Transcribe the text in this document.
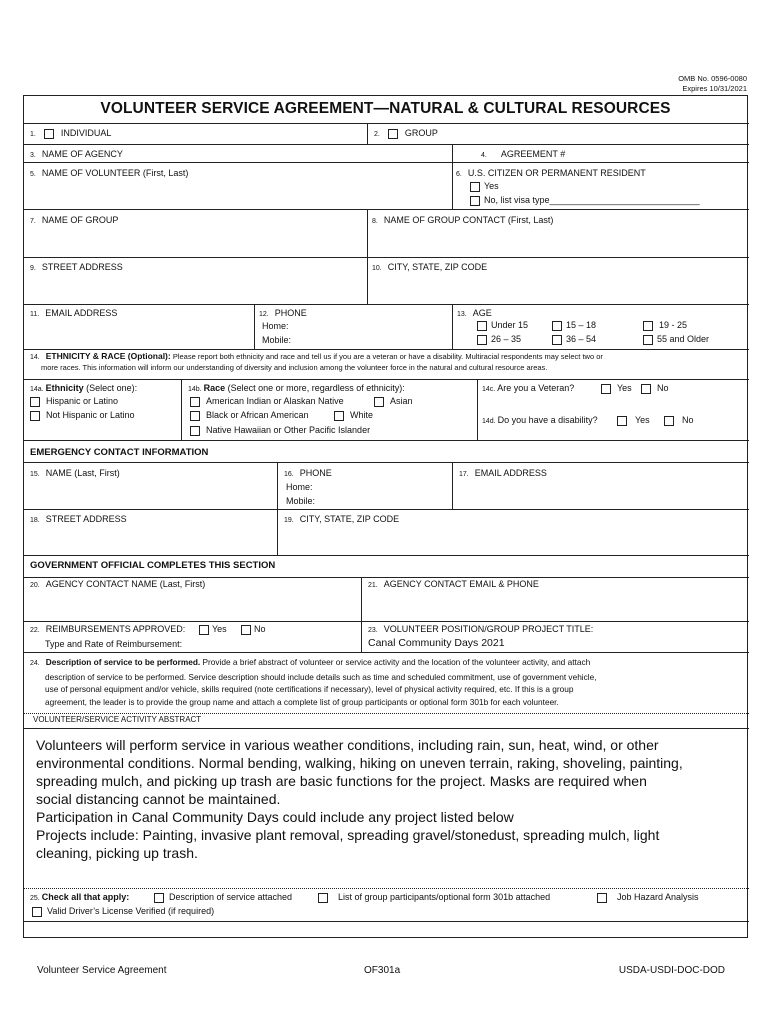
OMB No. 0596-0080
Expires 10/31/2021
VOLUNTEER SERVICE AGREEMENT—NATURAL & CULTURAL RESOURCES
1.	INDIVIDUAL	2.	GROUP
3. NAME OF AGENCY	4. AGREEMENT #
5. NAME OF VOLUNTEER (First, Last)	6. U.S. CITIZEN OR PERMANENT RESIDENT
Yes
No, list visa type______________________________
7. NAME OF GROUP	8. NAME OF GROUP CONTACT (First, Last)
9. STREET ADDRESS	10. CITY, STATE, ZIP CODE
11. EMAIL ADDRESS	12. PHONE
Home:
Mobile:
13. AGE
Under 15	15 – 18	19 - 25
26 – 35	36 – 54	55 and Older
14. ETHNICITY & RACE (Optional): Please report both ethnicity and race and tell us if you are a veteran or have a disability. Multiracial respondents may select two or
more races. This information will inform our understanding of diversity and inclusion among the volunteer force in the natural and cultural resource areas.
14a. Ethnicity (Select one):
Hispanic or Latino
Not Hispanic or Latino
14b. Race (Select one or more, regardless of ethnicity):
American Indian or Alaskan Native	Asian
Black or African American	White
Native Hawaiian or Other Pacific Islander
14c. Are you a Veteran?	Yes	No
14d. Do you have a disability?	Yes	No
EMERGENCY CONTACT INFORMATION
15. NAME (Last, First)	16. PHONE
Home:
Mobile:
17. EMAIL ADDRESS
18. STREET ADDRESS	19. CITY, STATE, ZIP CODE
GOVERNMENT OFFICIAL COMPLETES THIS SECTION
20. AGENCY CONTACT NAME (Last, First)	21. AGENCY CONTACT EMAIL & PHONE
22. REIMBURSEMENTS APPROVED:	Yes	No
Type and Rate of Reimbursement:
23. VOLUNTEER POSITION/GROUP PROJECT TITLE:
Canal Community Days 2021
24. Description of service to be performed. Provide a brief abstract of volunteer or service activity and the location of the volunteer activity, and attach
description of service to be performed. Service description should include details such as time and scheduled commitment, use of government vehicle,
use of personal equipment and/or vehicle, skills required (note certifications if necessary), level of physical activity required, etc. If this is a group
agreement, the leader is to provide the group name and attach a complete list of group participants or optional form 301b for each volunteer.
VOLUNTEER/SERVICE ACTIVITY ABSTRACT
Volunteers will perform service in various weather conditions, including rain, sun, heat, wind, or other
environmental conditions. Normal bending, walking, hiking on uneven terrain, raking, shoveling, painting,
spreading mulch, and picking up trash are basic functions for the project. Masks are required when
social distancing cannot be maintained.
Participation in Canal Community Days could include any project listed below
Projects include: Painting, invasive plant removal, spreading gravel/stonedust, spreading mulch, light
cleaning, picking up trash.
25. Check all that apply:	Description of service attached	List of group participants/optional form 301b attached	Job Hazard Analysis
Valid Driver’s License Verified (if required)
Volunteer Service Agreement	OF301a	USDA-USDI-DOC-DOD
